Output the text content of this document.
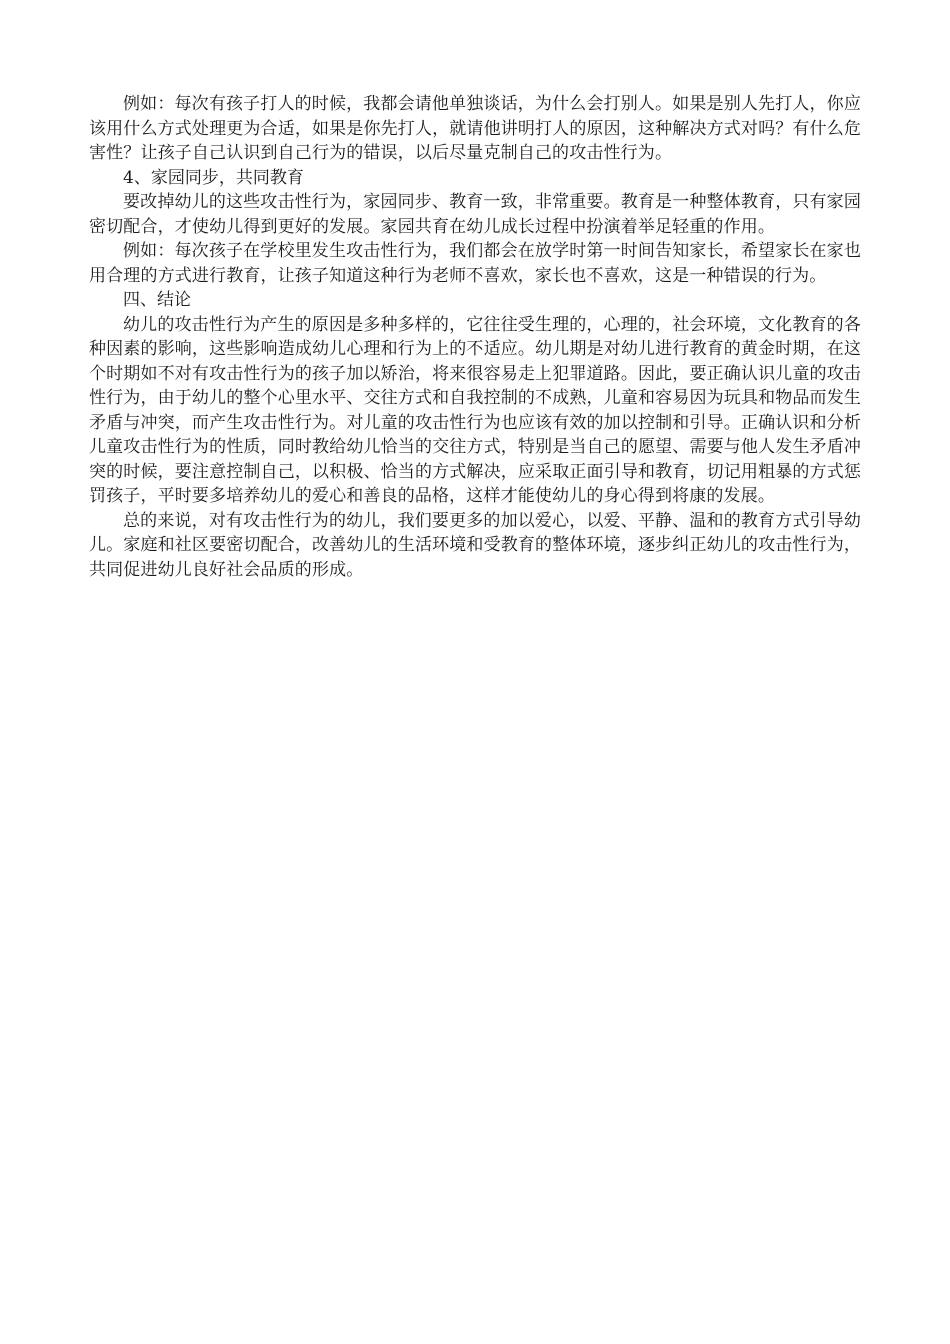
例如：每次有孩子打人的时候，我都会请他单独谈话，为什么会打别人。如果是别人先打人，你应该用什么方式处理更为合适，如果是你先打人，就请他讲明打人的原因，这种解决方式对吗？有什么危害性？让孩子自己认识到自己行为的错误，以后尽量克制自己的攻击性行为。

4、家园同步，共同教育

要改掉幼儿的这些攻击性行为，家园同步、教育一致，非常重要。教育是一种整体教育，只有家园密切配合，才使幼儿得到更好的发展。家园共育在幼儿成长过程中扮演着举足轻重的作用。

例如：每次孩子在学校里发生攻击性行为，我们都会在放学时第一时间告知家长，希望家长在家也用合理的方式进行教育，让孩子知道这种行为老师不喜欢，家长也不喜欢，这是一种错误的行为。

四、结论

幼儿的攻击性行为产生的原因是多种多样的，它往往受生理的，心理的，社会环境，文化教育的各种因素的影响，这些影响造成幼儿心理和行为上的不适应。幼儿期是对幼儿进行教育的黄金时期，在这个时期如不对有攻击性行为的孩子加以矫治，将来很容易走上犯罪道路。因此，要正确认识儿童的攻击性行为，由于幼儿的整个心里水平、交往方式和自我控制的不成熟，儿童和容易因为玩具和物品而发生矛盾与冲突，而产生攻击性行为。对儿童的攻击性行为也应该有效的加以控制和引导。正确认识和分析儿童攻击性行为的性质，同时教给幼儿恰当的交往方式，特别是当自己的愿望、需要与他人发生矛盾冲突的时候，要注意控制自己，以积极、恰当的方式解决，应采取正面引导和教育，切记用粗暴的方式惩罚孩子，平时要多培养幼儿的爱心和善良的品格，这样才能使幼儿的身心得到将康的发展。

总的来说，对有攻击性行为的幼儿，我们要更多的加以爱心，以爱、平静、温和的教育方式引导幼儿。家庭和社区要密切配合，改善幼儿的生活环境和受教育的整体环境，逐步纠正幼儿的攻击性行为，共同促进幼儿良好社会品质的形成。
